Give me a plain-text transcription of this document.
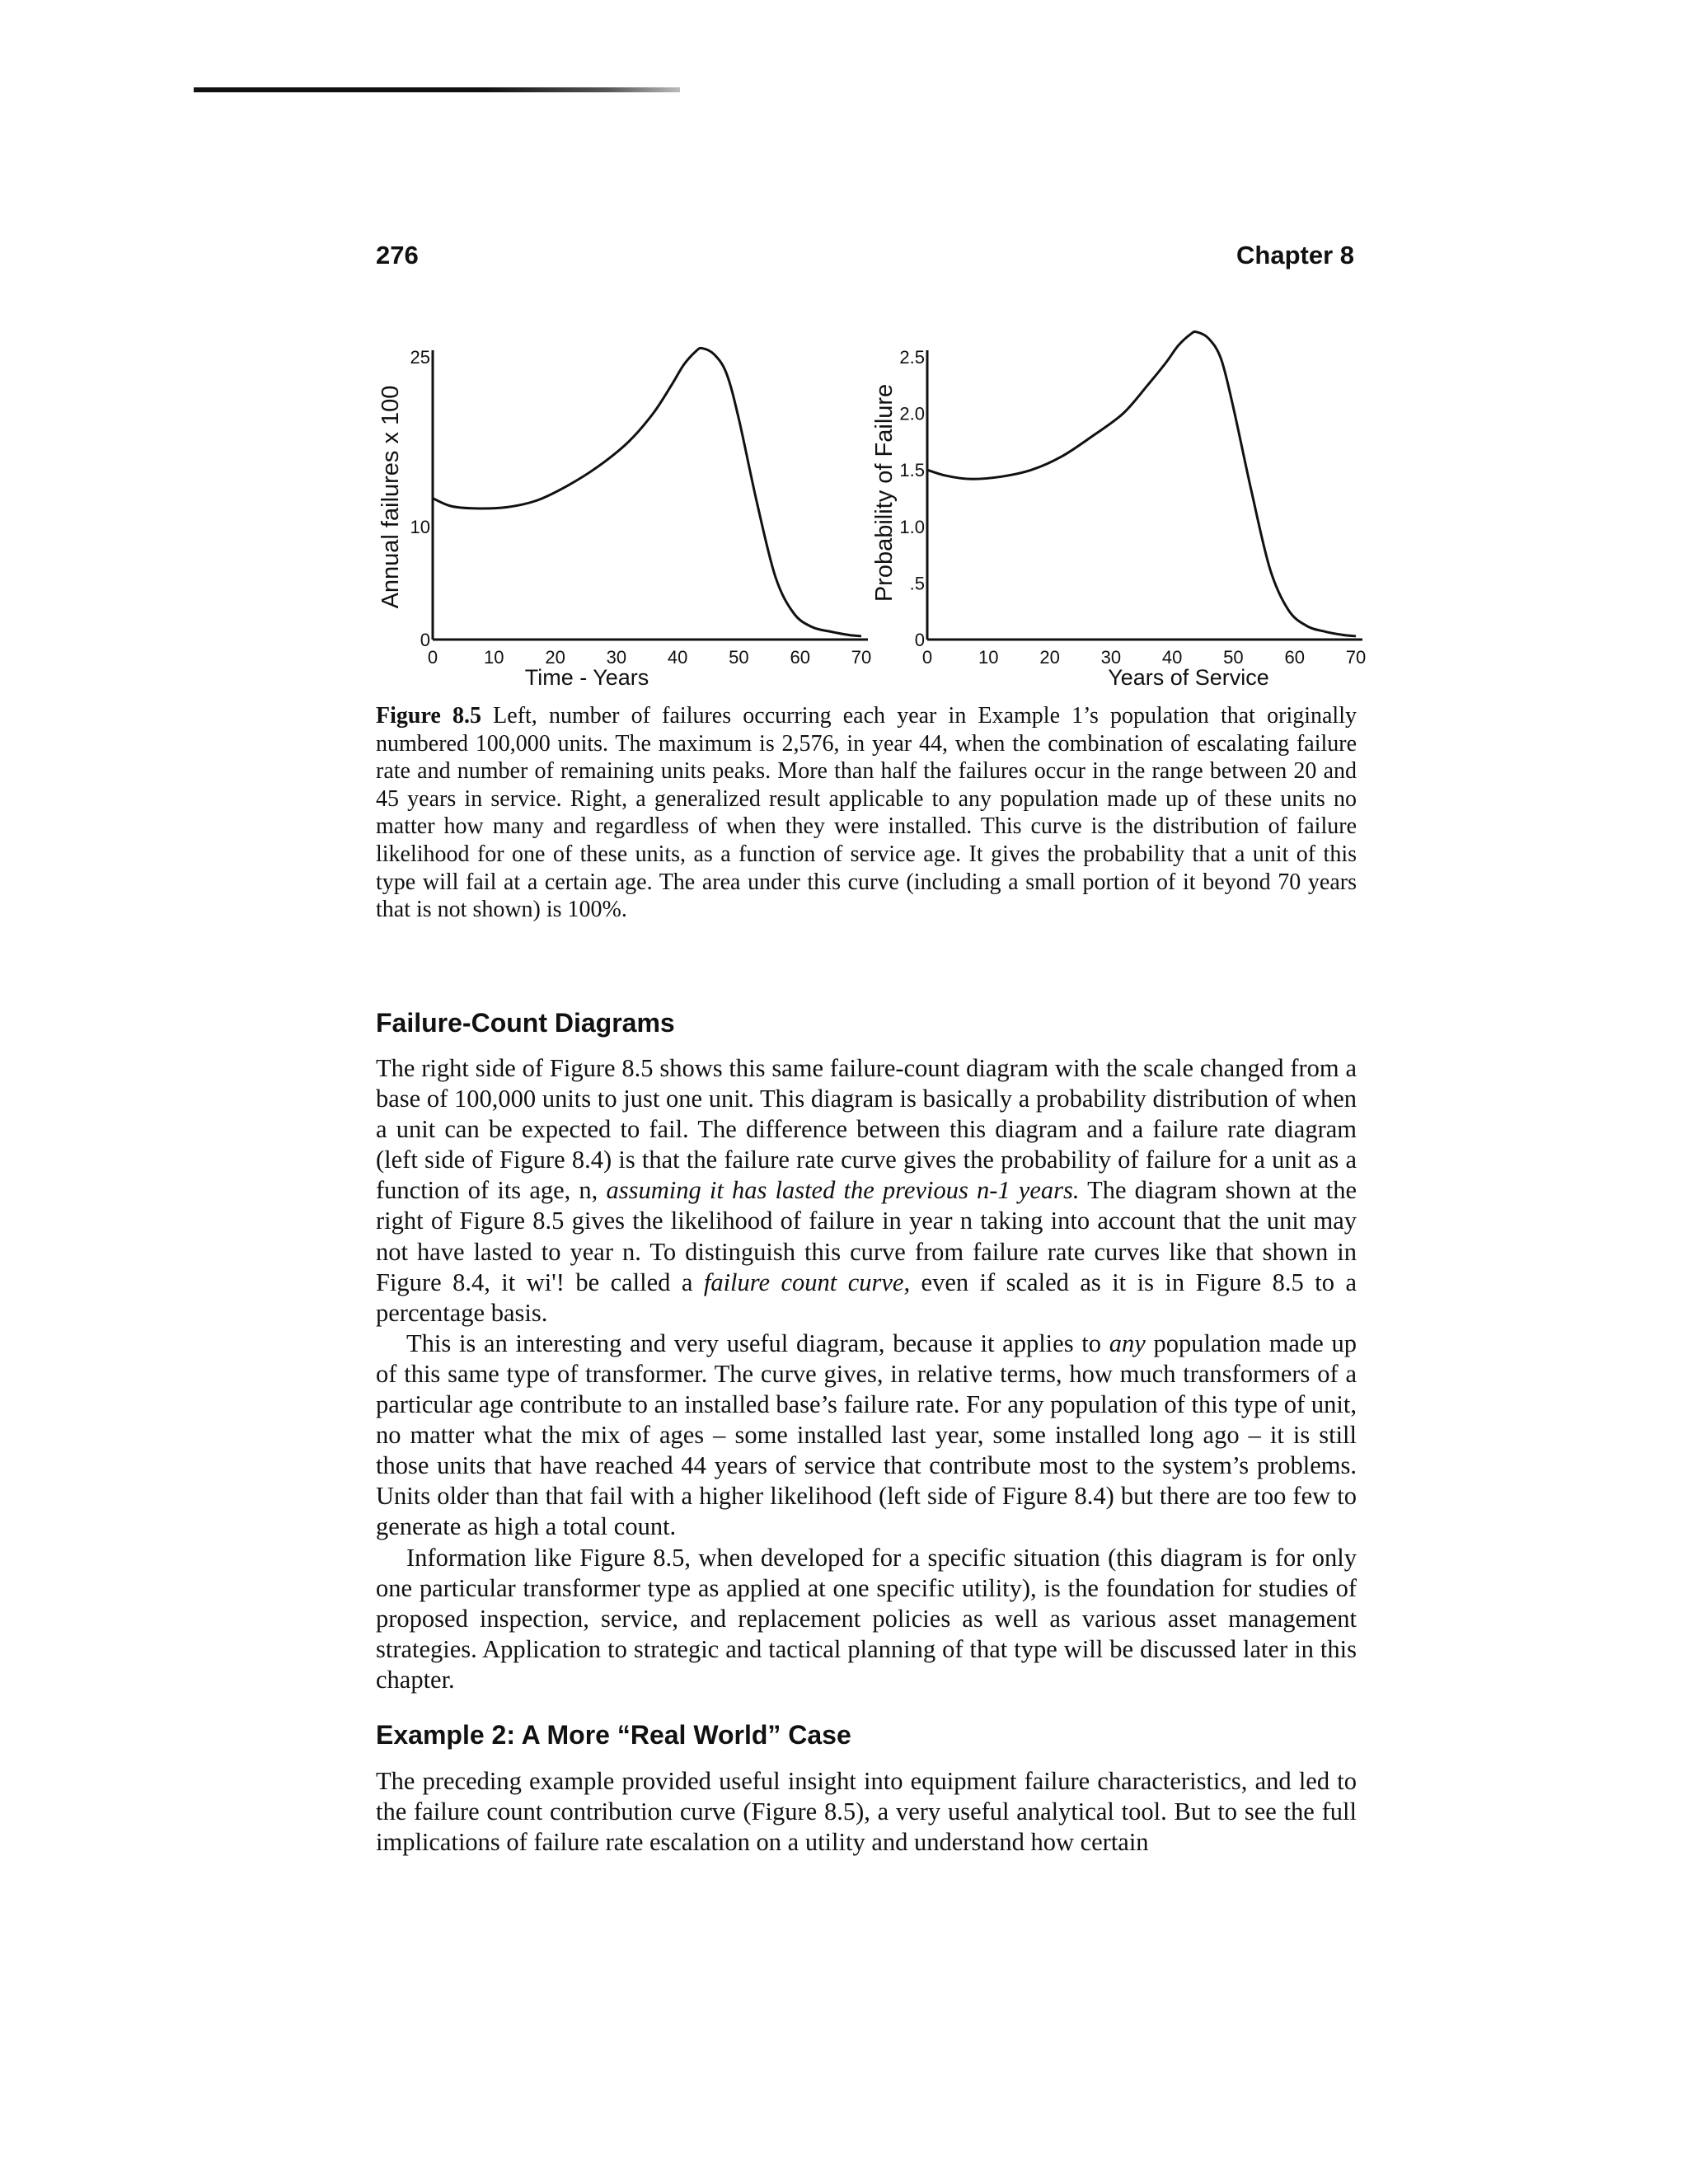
276	Chapter 8
Annual failures x 100
Time - Years
0	10 20 30 40 50 60 70
0
10
25
Probability of Failure
Years of Service
0	10 20 30 40 50 60 70
0
.5
1.0
1.5
2.0
2.5
Figure 8.5 Left, number of failures occurring each year in Example 1’s population that originally numbered 100,000 units. The maximum is 2,576, in year 44, when the combination of escalating failure rate and number of remaining units peaks. More than half the failures occur in the range between 20 and 45 years in service. Right, a generalized result applicable to any population made up of these units no matter how many and regardless of when they were installed. This curve is the distribution of failure likelihood for one of these units, as a function of service age. It gives the probability that a unit of this type will fail at a certain age. The area under this curve (including a small portion of it beyond 70 years that is not shown) is 100%.
Failure-Count Diagrams

The right side of Figure 8.5 shows this same failure-count diagram with the scale changed from a base of 100,000 units to just one unit. This diagram is basically a probability distribution of when a unit can be expected to fail. The difference between this diagram and a failure rate diagram (left side of Figure 8.4) is that the failure rate curve gives the probability of failure for a unit as a function of its age, n, assuming it has lasted the previous n-1 years. The diagram shown at the right of Figure 8.5 gives the likelihood of failure in year n taking into account that the unit may not have lasted to year n. To distinguish this curve from failure rate curves like that shown in Figure 8.4, it wi'! be called a failure count curve, even if scaled as it is in Figure 8.5 to a percentage basis.

This is an interesting and very useful diagram, because it applies to any population made up of this same type of transformer. The curve gives, in relative terms, how much transformers of a particular age contribute to an installed base’s failure rate. For any population of this type of unit, no matter what the mix of ages – some installed last year, some installed long ago – it is still those units that have reached 44 years of service that contribute most to the system’s problems. Units older than that fail with a higher likelihood (left side of Figure 8.4) but there are too few to generate as high a total count.

Information like Figure 8.5, when developed for a specific situation (this diagram is for only one particular transformer type as applied at one specific utility), is the foundation for studies of proposed inspection, service, and replacement policies as well as various asset management strategies. Application to strategic and tactical planning of that type will be discussed later in this chapter.

Example 2: A More “Real World” Case

The preceding example provided useful insight into equipment failure characteristics, and led to the failure count contribution curve (Figure 8.5), a very useful analytical tool. But to see the full implications of failure rate escalation on a utility and understand how certain
